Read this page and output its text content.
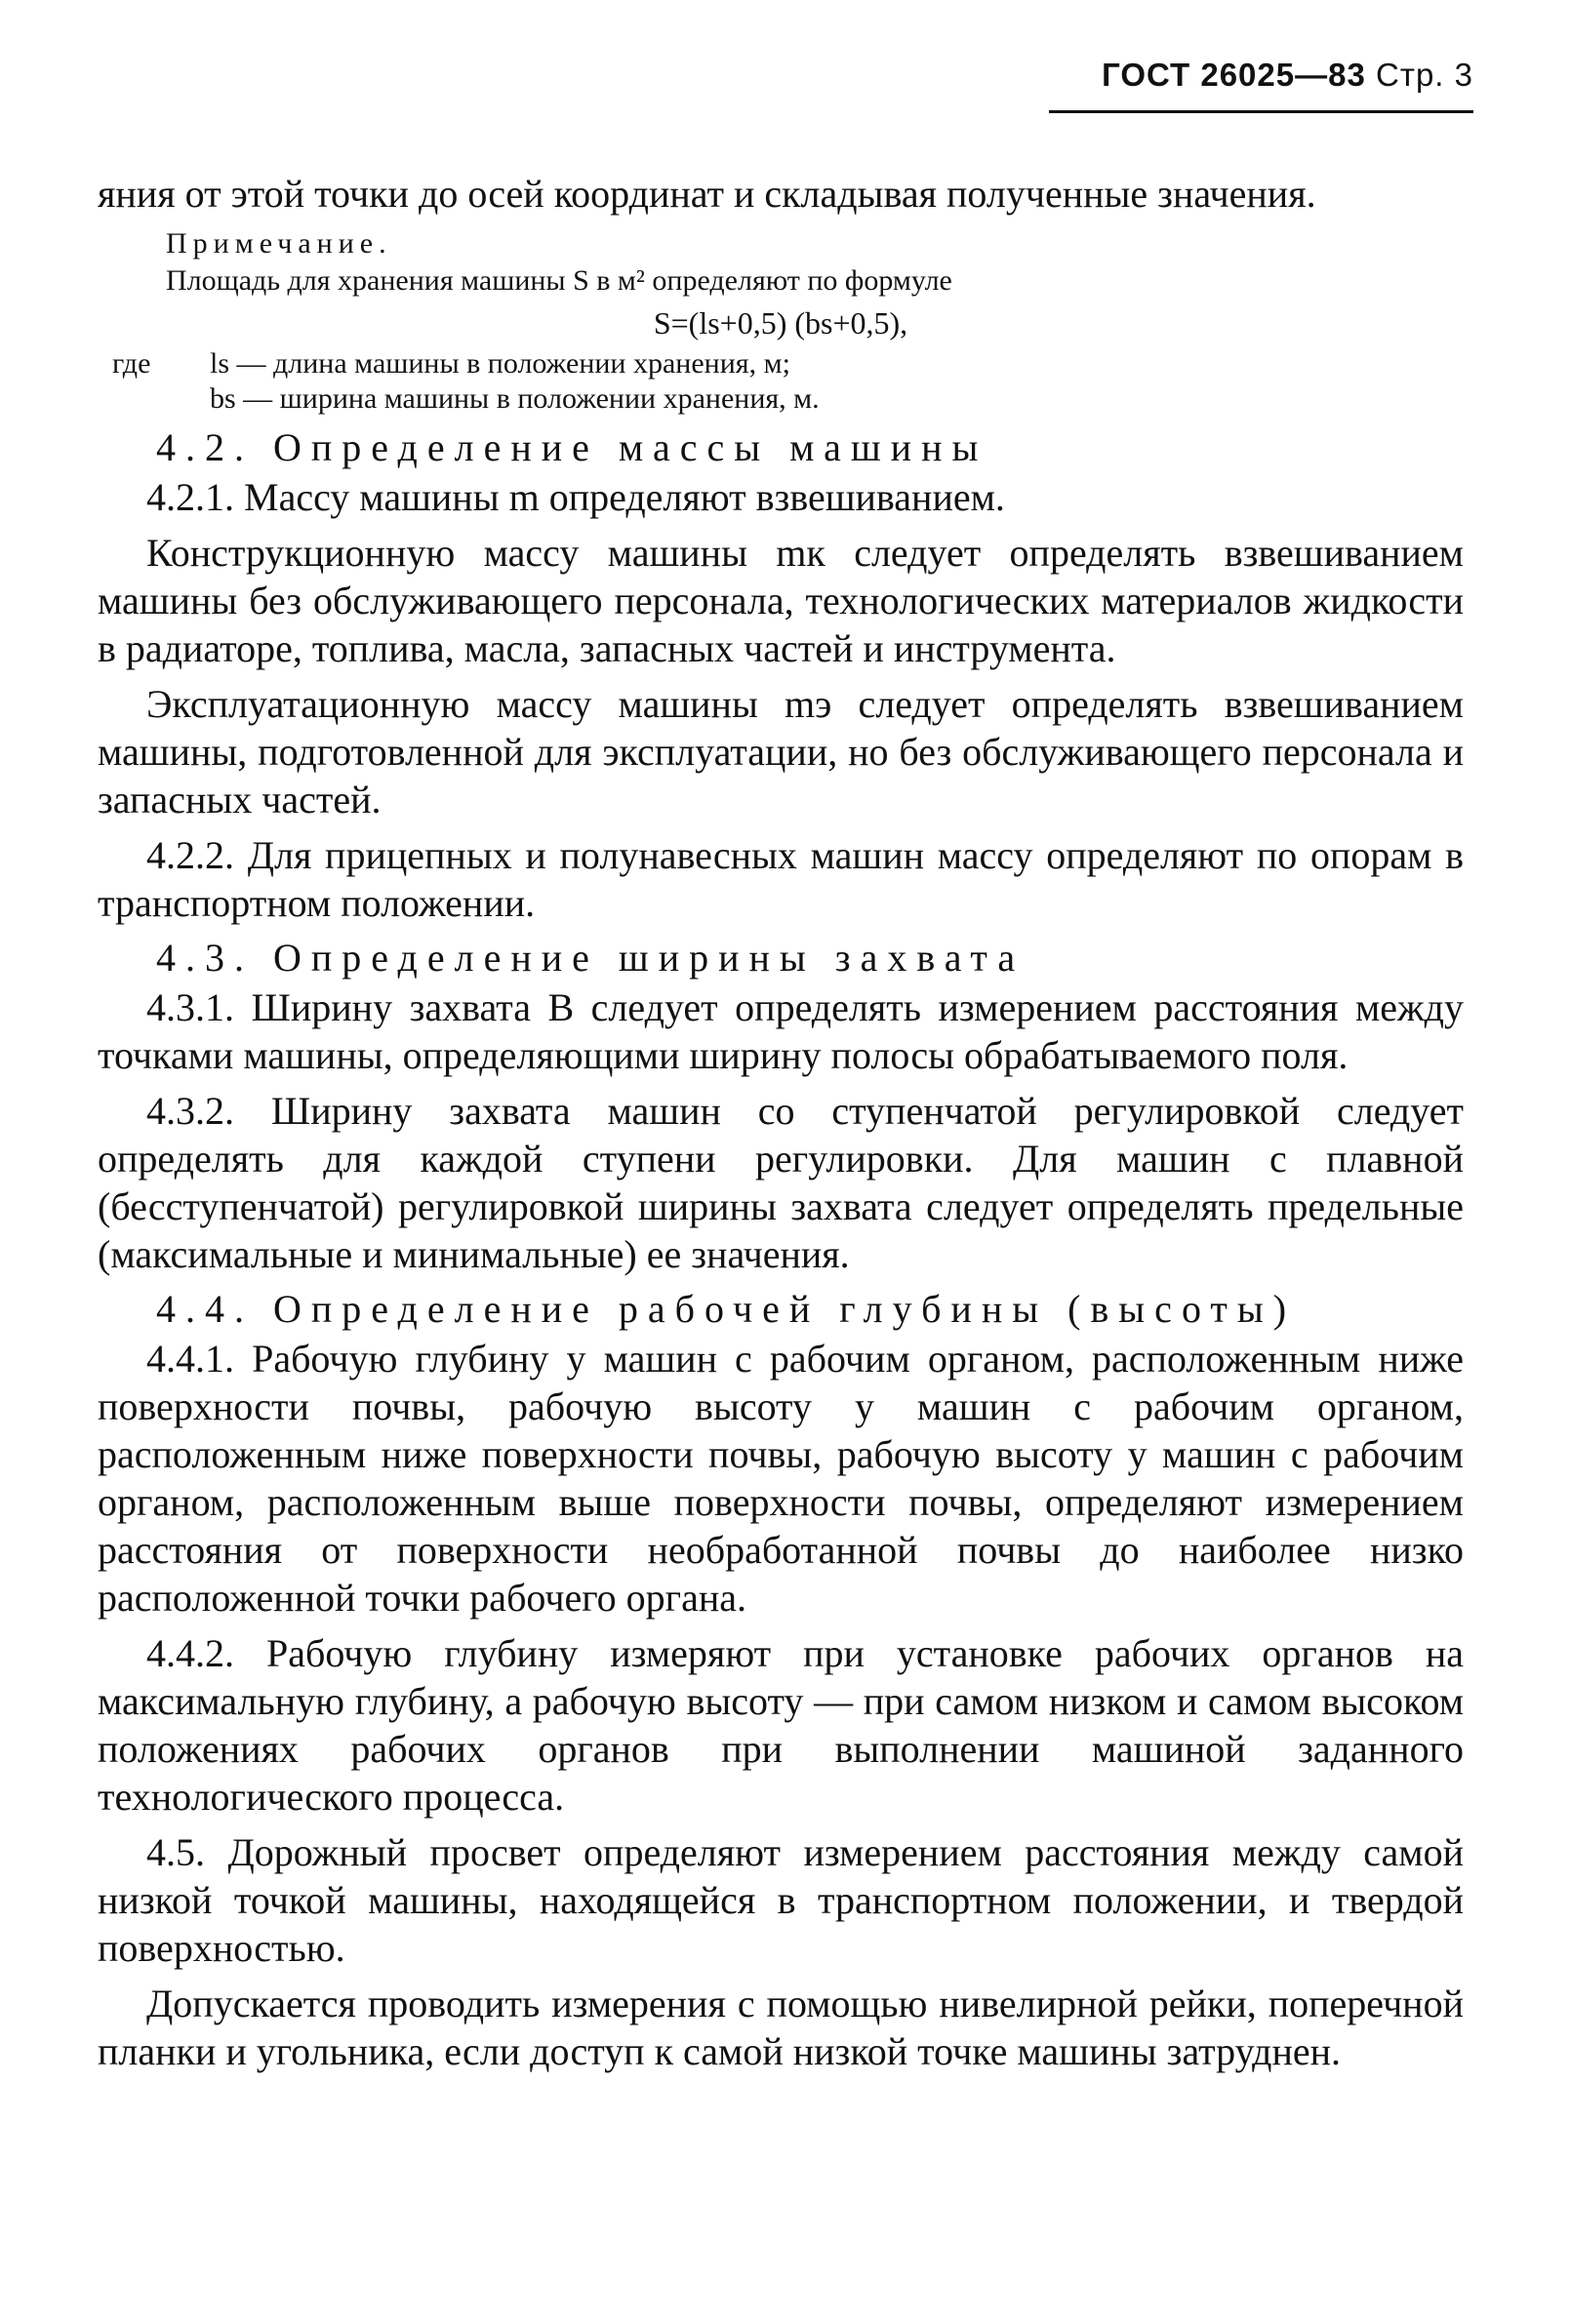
ГОСТ 26025—83 Стр. 3

яния от этой точки до осей координат и складывая полученные значения.

Примечание.
Площадь для хранения машины S в м² определяют по формуле
S=(ls+0,5) (bs+0,5),
где	ls — длина машины в положении хранения, м;
bs — ширина машины в положении хранения, м.
4.2. Определение массы машины

4.2.1. Массу машины m определяют взвешиванием.

Конструкционную массу машины mк следует определять взвешиванием машины без обслуживающего персонала, технологических материалов жидкости в радиаторе, топлива, масла, запасных частей и инструмента.

Эксплуатационную массу машины mэ следует определять взвешиванием машины, подготовленной для эксплуатации, но без обслуживающего персонала и запасных частей.

4.2.2. Для прицепных и полунавесных машин массу определяют по опорам в транспортном положении.

4.3. Определение ширины захвата

4.3.1. Ширину захвата B следует определять измерением расстояния между точками машины, определяющими ширину полосы обрабатываемого поля.

4.3.2. Ширину захвата машин со ступенчатой регулировкой следует определять для каждой ступени регулировки. Для машин с плавной (бесступенчатой) регулировкой ширины захвата следует определять предельные (максимальные и минимальные) ее значения.

4.4. Определение рабочей глубины (высоты)

4.4.1. Рабочую глубину у машин с рабочим органом, расположенным ниже поверхности почвы, рабочую высоту у машин с рабочим органом, расположенным ниже поверхности почвы, рабочую высоту у машин с рабочим органом, расположенным выше поверхности почвы, определяют измерением расстояния от поверхности необработанной почвы до наиболее низко расположенной точки рабочего органа.

4.4.2. Рабочую глубину измеряют при установке рабочих органов на максимальную глубину, а рабочую высоту — при самом низком и самом высоком положениях рабочих органов при выполнении машиной заданного технологического процесса.

4.5. Дорожный просвет определяют измерением расстояния между самой низкой точкой машины, находящейся в транспортном положении, и твердой поверхностью.

Допускается проводить измерения с помощью нивелирной рейки, поперечной планки и угольника, если доступ к самой низкой точке машины затруднен.
